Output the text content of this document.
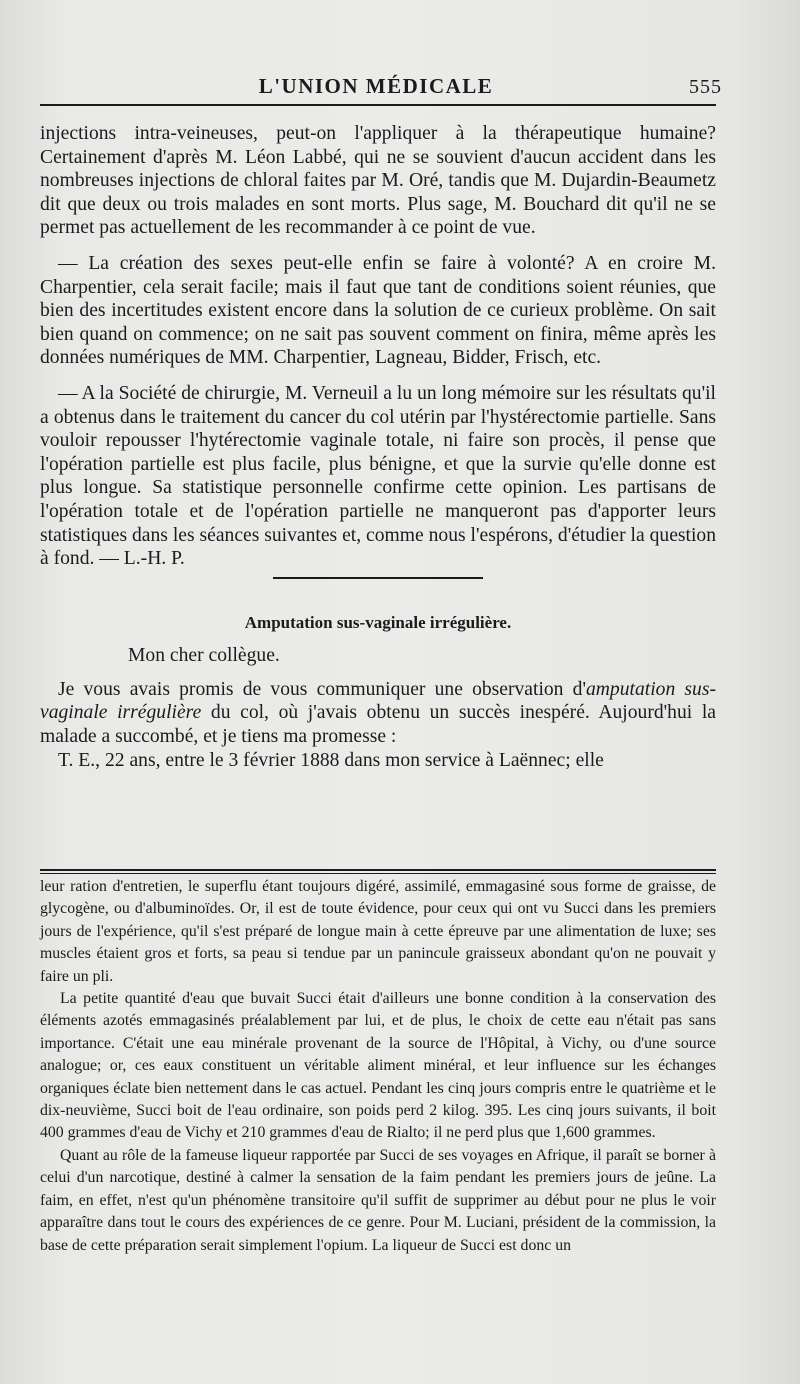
L'UNION MÉDICALE	555

injections intra-veineuses, peut-on l'appliquer à la thérapeutique humaine? Certainement d'après M. Léon Labbé, qui ne se souvient d'aucun accident dans les nombreuses injections de chloral faites par M. Oré, tandis que M. Dujardin-Beaumetz dit que deux ou trois malades en sont morts. Plus sage, M. Bouchard dit qu'il ne se permet pas actuellement de les recommander à ce point de vue.

— La création des sexes peut-elle enfin se faire à volonté? A en croire M. Charpentier, cela serait facile; mais il faut que tant de conditions soient réunies, que bien des incertitudes existent encore dans la solution de ce curieux problème. On sait bien quand on commence; on ne sait pas souvent comment on finira, même après les données numériques de MM. Charpentier, Lagneau, Bidder, Frisch, etc.

— A la Société de chirurgie, M. Verneuil a lu un long mémoire sur les résultats qu'il a obtenus dans le traitement du cancer du col utérin par l'hystérectomie partielle. Sans vouloir repousser l'hytérectomie vaginale totale, ni faire son procès, il pense que l'opération partielle est plus facile, plus bénigne, et que la survie qu'elle donne est plus longue. Sa statistique personnelle confirme cette opinion. Les partisans de l'opération totale et de l'opération partielle ne manqueront pas d'apporter leurs statistiques dans les séances suivantes et, comme nous l'espérons, d'étudier la question à fond. — L.-H. P.

Amputation sus-vaginale irrégulière.

Mon cher collègue.

Je vous avais promis de vous communiquer une observation d'amputation sus-vaginale irrégulière du col, où j'avais obtenu un succès inespéré. Aujourd'hui la malade a succombé, et je tiens ma promesse :

T. E., 22 ans, entre le 3 février 1888 dans mon service à Laënnec; elle

leur ration d'entretien, le superflu étant toujours digéré, assimilé, emmagasiné sous forme de graisse, de glycogène, ou d'albuminoïdes. Or, il est de toute évidence, pour ceux qui ont vu Succi dans les premiers jours de l'expérience, qu'il s'est préparé de longue main à cette épreuve par une alimentation de luxe; ses muscles étaient gros et forts, sa peau si tendue par un panincule graisseux abondant qu'on ne pouvait y faire un pli.

La petite quantité d'eau que buvait Succi était d'ailleurs une bonne condition à la conservation des éléments azotés emmagasinés préalablement par lui, et de plus, le choix de cette eau n'était pas sans importance. C'était une eau minérale provenant de la source de l'Hôpital, à Vichy, ou d'une source analogue; or, ces eaux constituent un véritable aliment minéral, et leur influence sur les échanges organiques éclate bien nettement dans le cas actuel. Pendant les cinq jours compris entre le quatrième et le dix-neuvième, Succi boit de l'eau ordinaire, son poids perd 2 kilog. 395. Les cinq jours suivants, il boit 400 grammes d'eau de Vichy et 210 grammes d'eau de Rialto; il ne perd plus que 1,600 grammes.

Quant au rôle de la fameuse liqueur rapportée par Succi de ses voyages en Afrique, il paraît se borner à celui d'un narcotique, destiné à calmer la sensation de la faim pendant les premiers jours de jeûne. La faim, en effet, n'est qu'un phénomène transitoire qu'il suffit de supprimer au début pour ne plus le voir apparaître dans tout le cours des expériences de ce genre. Pour M. Luciani, président de la commission, la base de cette préparation serait simplement l'opium. La liqueur de Succi est donc un
